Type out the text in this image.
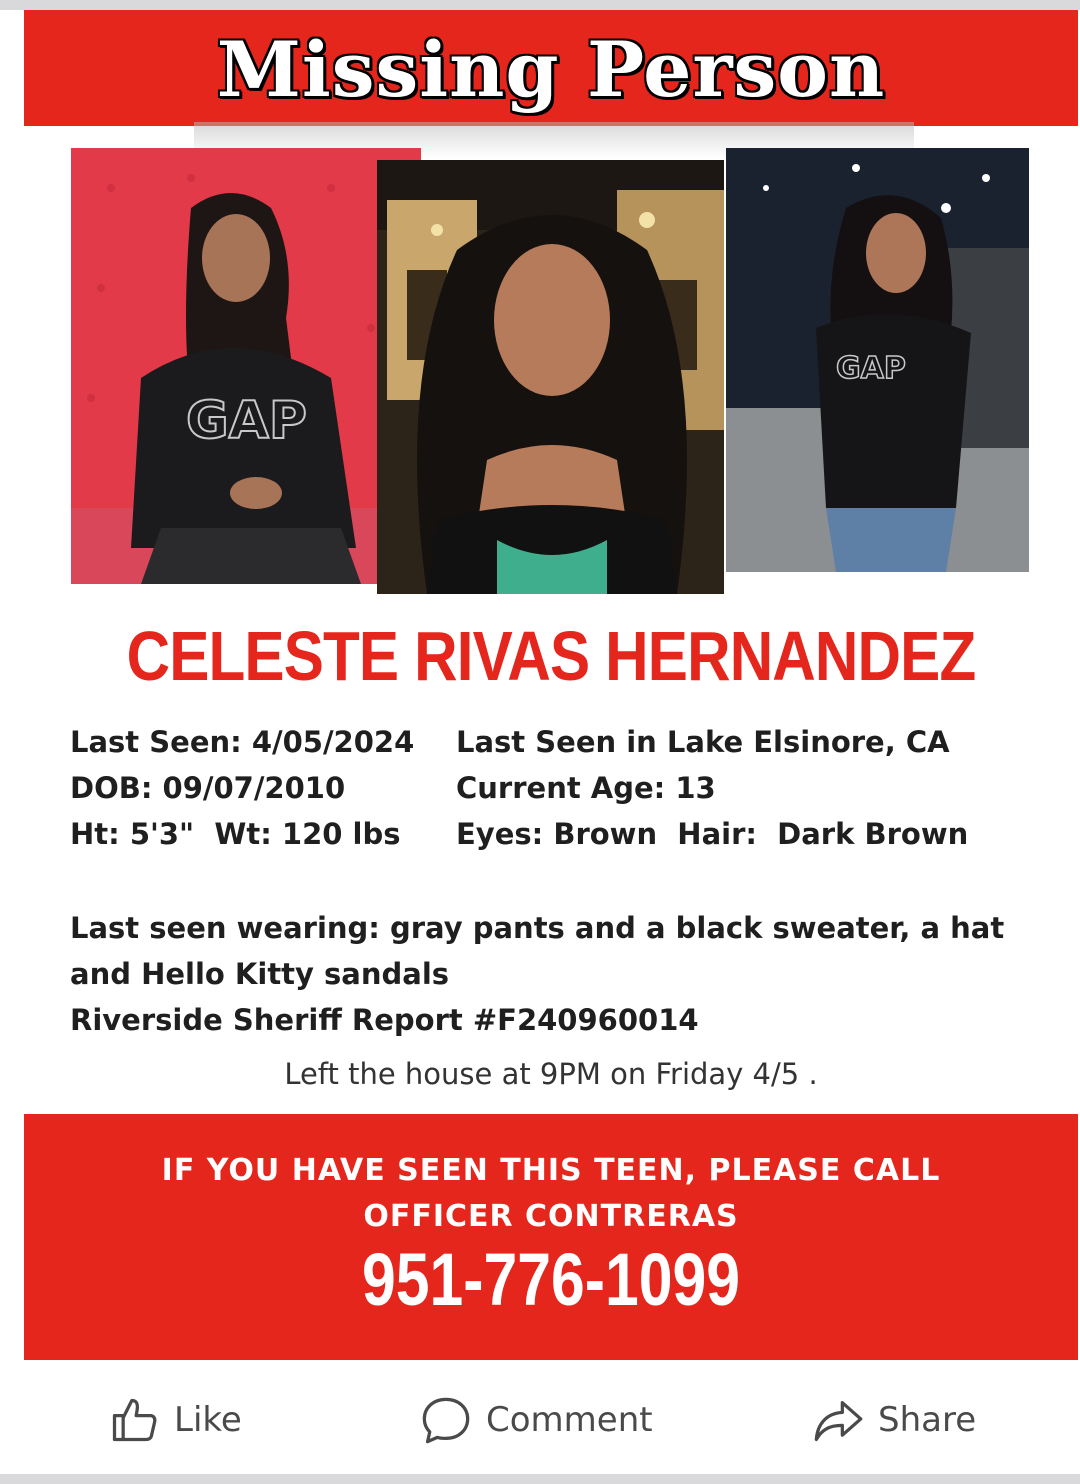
Missing Person
GAP
GAP
CELESTE RIVAS HERNANDEZ
Last Seen: 4/05/2024 Last Seen in Lake Elsinore, CA
DOB: 09/07/2010	Current Age: 13
Ht: 5'3"  Wt: 120 lbs Eyes: Brown  Hair:  Dark Brown
Last seen wearing: gray pants and a black sweater, a hat
and Hello Kitty sandals
Riverside Sheriff Report #F240960014
Left the house at 9PM on Friday 4/5 .
IF YOU HAVE SEEN THIS TEEN, PLEASE CALL
OFFICER CONTRERAS
951-776-1099
Like	Comment	Share
